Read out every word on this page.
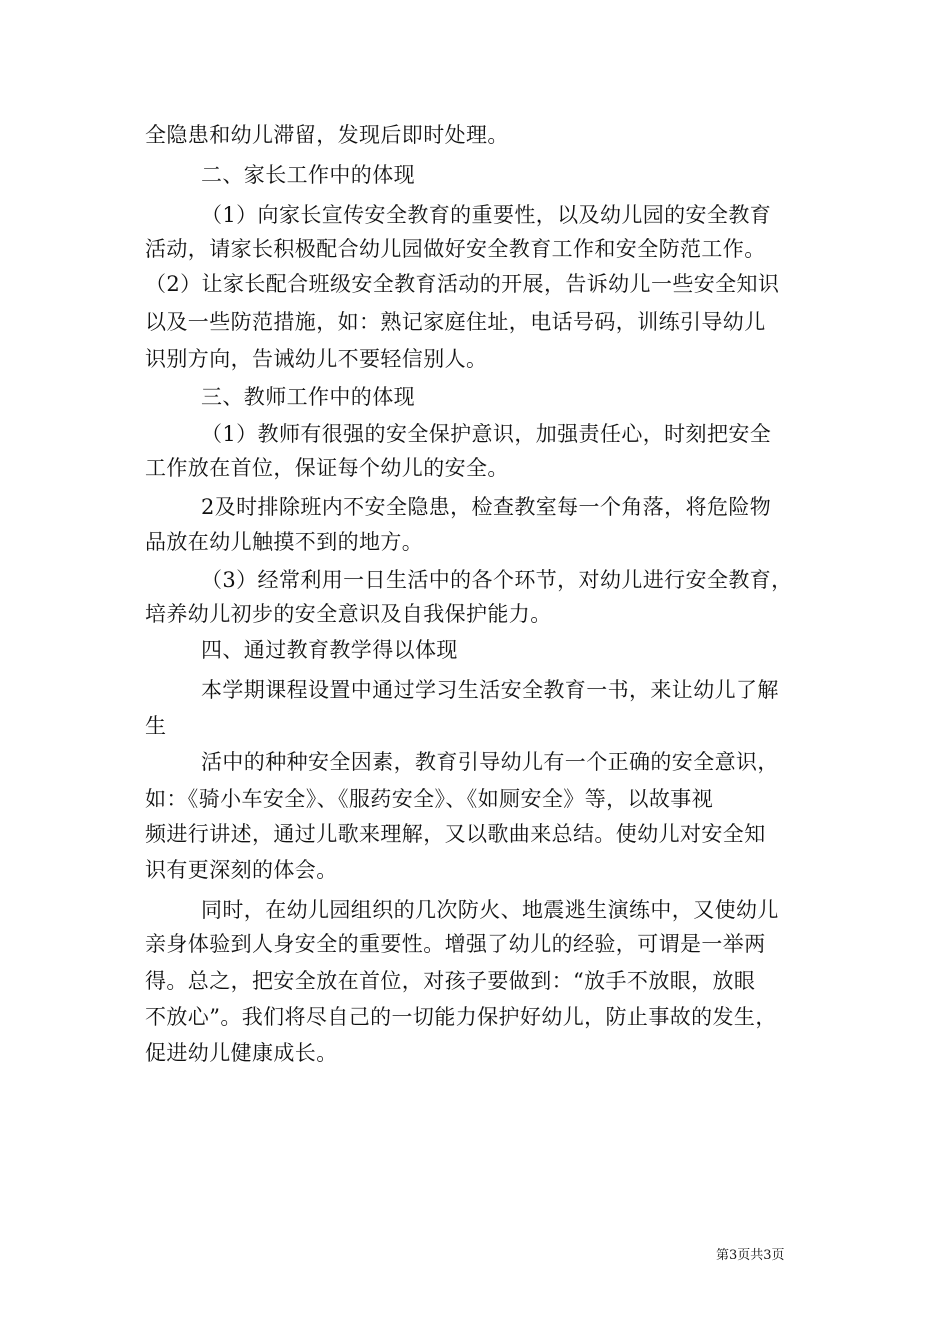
全隐患和幼儿滞留，发现后即时处理。
二、家长工作中的体现
（1）向家长宣传安全教育的重要性，以及幼儿园的安全教育
活动，请家长积极配合幼儿园做好安全教育工作和安全防范工作。
（2）让家长配合班级安全教育活动的开展，告诉幼儿一些安全知识
以及一些防范措施，如：熟记家庭住址，电话号码，训练引导幼儿
识别方向，告诫幼儿不要轻信别人。
三、教师工作中的体现
（1）教师有很强的安全保护意识，加强责任心，时刻把安全
工作放在首位，保证每个幼儿的安全。
2及时排除班内不安全隐患，检查教室每一个角落，将危险物
品放在幼儿触摸不到的地方。
（3）经常利用一日生活中的各个环节，对幼儿进行安全教育，
培养幼儿初步的安全意识及自我保护能力。
四、通过教育教学得以体现
本学期课程设置中通过学习生活安全教育一书，来让幼儿了解
生
活中的种种安全因素，教育引导幼儿有一个正确的安全意识，
如：《骑小车安全》、《服药安全》、《如厕安全》等，以故事视
频进行讲述，通过儿歌来理解，又以歌曲来总结。使幼儿对安全知
识有更深刻的体会。
同时，在幼儿园组织的几次防火、地震逃生演练中，又使幼儿
亲身体验到人身安全的重要性。增强了幼儿的经验，可谓是一举两
得。总之，把安全放在首位，对孩子要做到：“放手不放眼，放眼
不放心”。我们将尽自己的一切能力保护好幼儿，防止事故的发生，
促进幼儿健康成长。
第3页共3页
